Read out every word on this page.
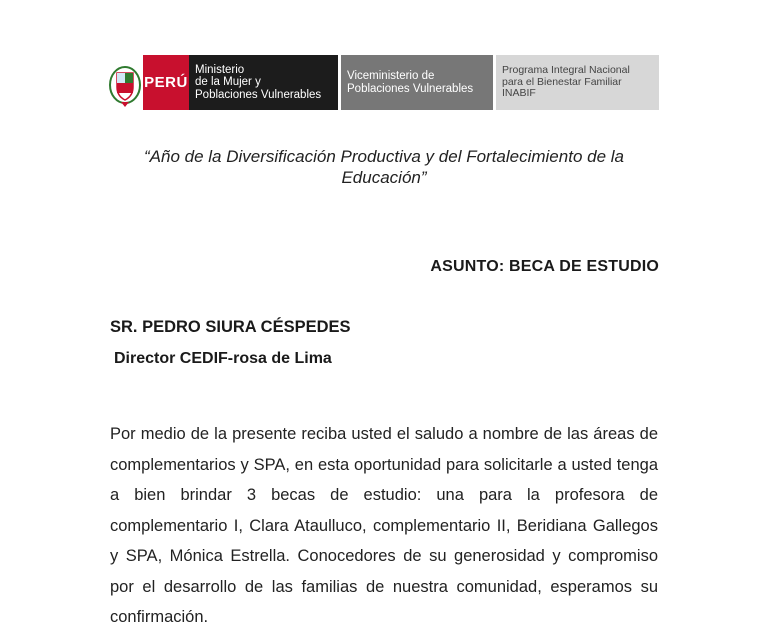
PERÚ
Ministerio
de la Mujer y
Poblaciones Vulnerables
Viceministerio de
Poblaciones Vulnerables
Programa Integral Nacional
para el Bienestar Familiar
INABIF
“Año de la Diversificación Productiva y del Fortalecimiento de la Educación”
ASUNTO: BECA DE ESTUDIO
SR. PEDRO SIURA CÉSPEDES
Director CEDIF-rosa de Lima
Por medio de la presente reciba usted el saludo a nombre de las áreas de complementarios y SPA, en esta oportunidad para solicitarle a usted tenga a bien brindar 3 becas de estudio: una para la profesora de complementario I, Clara Ataulluco, complementario II, Beridiana Gallegos y SPA, Mónica Estrella. Conocedores de su generosidad y compromiso por el desarrollo de las familias de nuestra comunidad, esperamos su confirmación.
